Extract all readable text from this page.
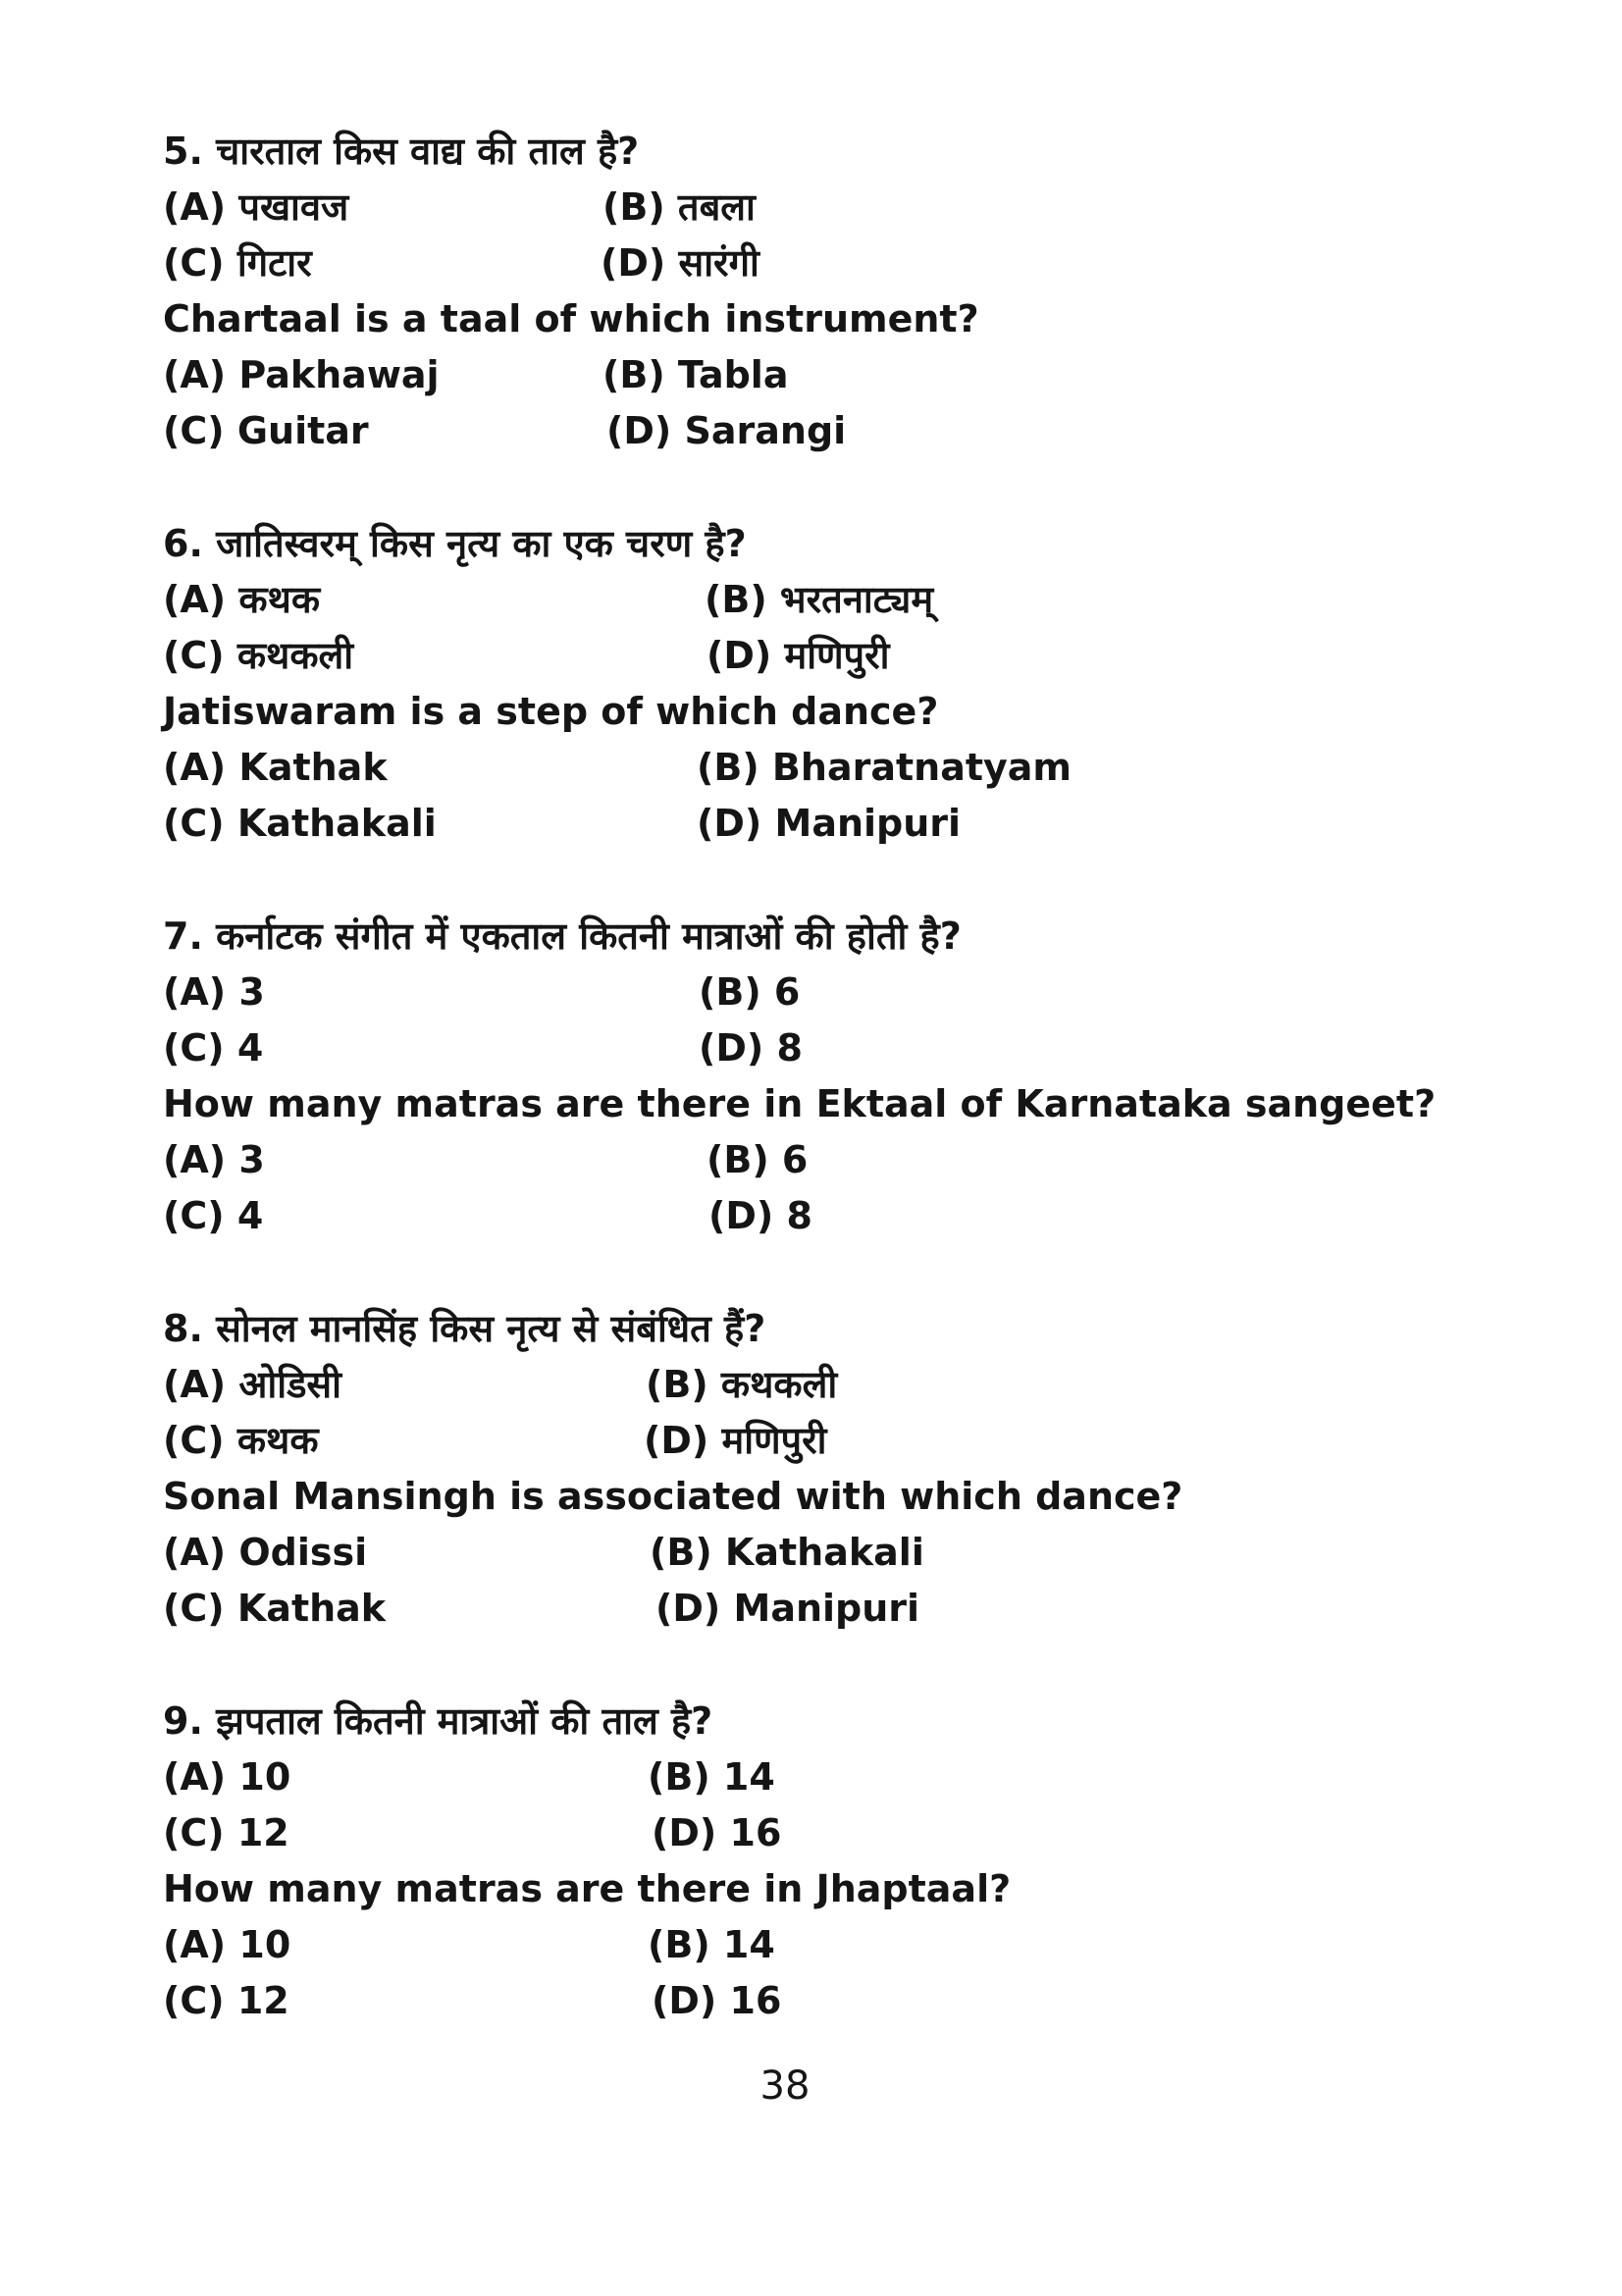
5. चारताल किस वाद्य की ताल है?
(A) पखावज	(B) तबला
(C) गिटार	(D) सारंगी
Chartaal is a taal of which instrument?
(A) Pakhawaj	(B) Tabla
(C) Guitar	(D) Sarangi
6. जातिस्वरम् किस नृत्य का एक चरण है?
(A) कथक	(B) भरतनाट्यम्
(C) कथकली	(D) मणिपुरी
Jatiswaram is a step of which dance?
(A) Kathak	(B) Bharatnatyam
(C) Kathakali	(D) Manipuri
7. कर्नाटक संगीत में एकताल कितनी मात्राओं की होती है?
(A) 3	(B) 6
(C) 4	(D) 8
How many matras are there in Ektaal of Karnataka sangeet?
(A) 3	(B) 6
(C) 4	(D) 8
8. सोनल मानसिंह किस नृत्य से संबंधित हैं?
(A) ओडिसी	(B) कथकली
(C) कथक	(D) मणिपुरी
Sonal Mansingh is associated with which dance?
(A) Odissi	(B) Kathakali
(C) Kathak	(D) Manipuri
9. झपताल कितनी मात्राओं की ताल है?
(A) 10	(B) 14
(C) 12	(D) 16
How many matras are there in Jhaptaal?
(A) 10	(B) 14
(C) 12	(D) 16
38
